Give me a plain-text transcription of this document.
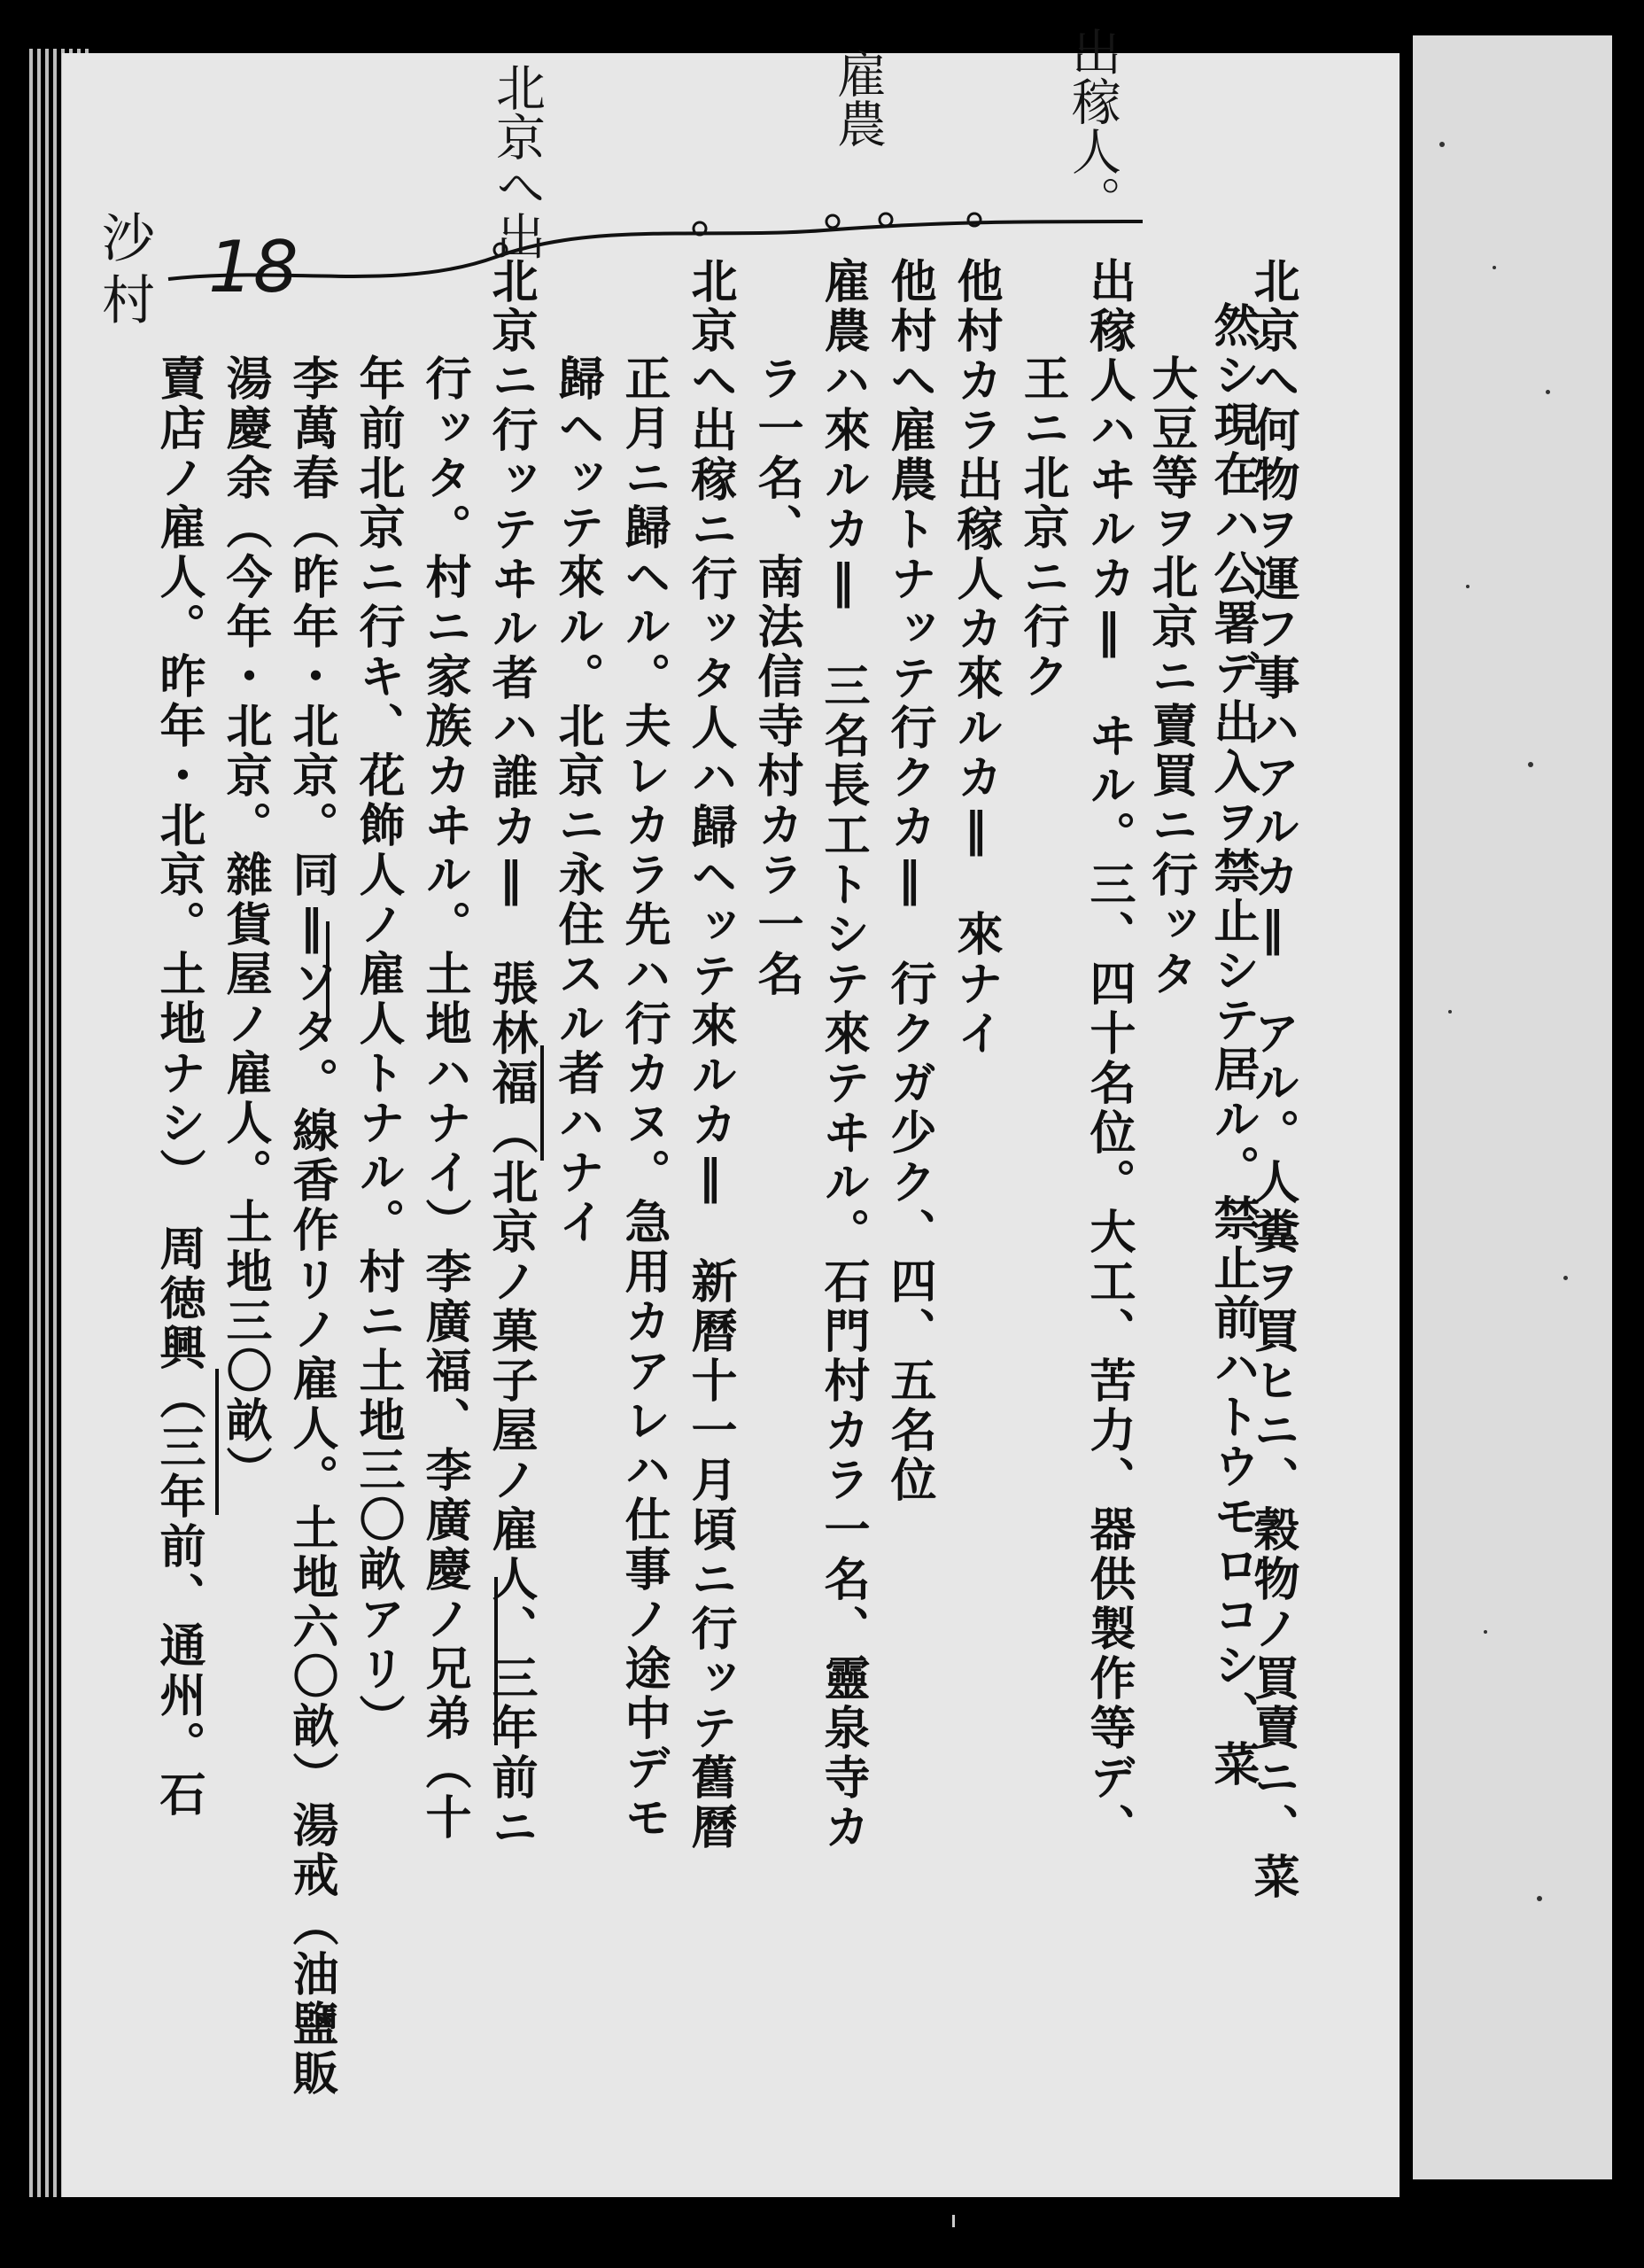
沙村 18
出稼人。
雇農
北京へ出
北京へ何物ヲ運フ事ハアルカ‖　アル。人糞ヲ買ヒニ、穀物ノ買賣ニ、菜
然シ現在ハ公署デ出入ヲ禁止シテ居ル。禁止前ハトウモロコシ、菜
大豆等ヲ北京ニ賣買ニ行ッタ
出稼人ハヰルカ‖　ヰル。三、四十名位。大工、苦力、器供製作等デ、
王ニ北京ニ行ク
他村カラ出稼人カ來ルカ‖　來ナイ
他村へ雇農トナッテ行クカ‖　行クガ少ク、四、五名位
雇農ハ來ルカ‖　三名長工トシテ來テヰル。石門村カラ一名、靈泉寺カ
ラ一名、南法信寺村カラ一名
北京へ出稼ニ行ッタ人ハ歸ヘッテ來ルカ‖　新曆十一月頃ニ行ッテ舊曆
正月ニ歸ヘル。夫レカラ先ハ行カヌ。急用カアレハ仕事ノ途中デモ
歸ヘッテ來ル。北京ニ永住スル者ハナイ
北京ニ行ッテヰル者ハ誰カ‖　張林福（北京ノ菓子屋ノ雇人、三年前ニ
行ッタ。村ニ家族カヰル。土地ハナイ）李廣福、李廣慶ノ兄弟（十
年前北京ニ行キ、花飾人ノ雇人トナル。村ニ土地三〇畝アリ）
李萬春（昨年・北京。同‖ソタ。線香作リノ雇人。土地六〇畝）湯戒（油鹽販
湯慶余（今年・北京。雜貨屋ノ雇人。土地三〇畝）
賣店ノ雇人。昨年・北京。土地ナシ）　周徳興（三年前、通州。石
